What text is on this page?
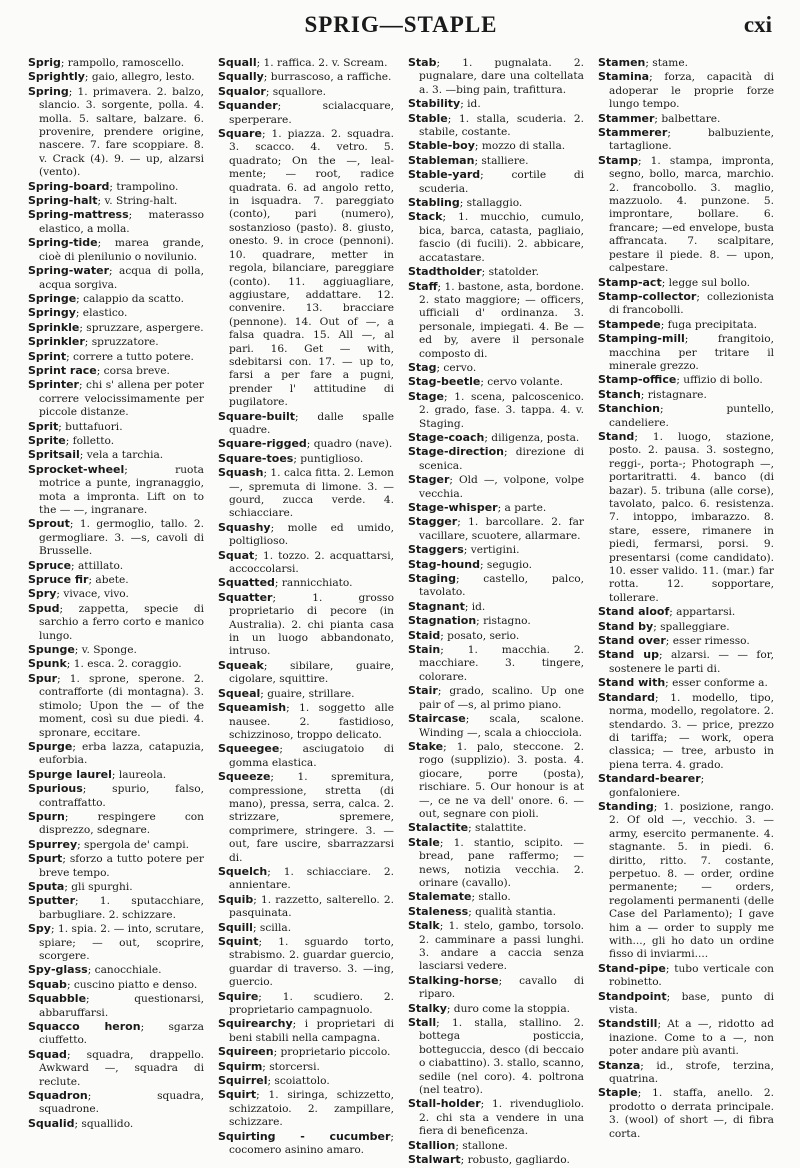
SPRIG—STAPLE	cxi

Sprig; rampollo, ramoscello.

Sprightly; gaio, allegro, lesto.

Spring; 1. primavera. 2. balzo, slancio. 3. sorgente, polla. 4. molla. 5. saltare, balzare. 6. provenire, prendere origine, nascere. 7. fare scoppiare. 8. v. Crack (4). 9. — up, alzarsi (vento).

Spring-board; trampolino.

Spring-halt; v. String-halt.

Spring-mattress; materasso elastico, a molla.

Spring-tide; marea grande, cioè di plenilunio o novilunio.

Spring-water; acqua di polla, acqua sorgiva.

Springe; calappio da scatto.

Springy; elastico.

Sprinkle; spruzzare, aspergere.

Sprinkler; spruzzatore.

Sprint; correre a tutto potere.

Sprint race; corsa breve.

Sprinter; chi s' allena per poter correre velocissimamente per piccole distanze.

Sprit; buttafuori.

Sprite; folletto.

Spritsail; vela a tarchia.

Sprocket-wheel; ruota motrice a punte, ingranaggio, mota a impronta. Lift on to the — —, ingranare.

Sprout; 1. germoglio, tallo. 2. germogliare. 3. —s, cavoli di Brusselle.

Spruce; attillato.

Spruce fir; abete.

Spry; vivace, vivo.

Spud; zappetta, specie di sarchio a ferro corto e manico lungo.

Spunge; v. Sponge.

Spunk; 1. esca. 2. coraggio.

Spur; 1. sprone, sperone. 2. contrafforte (di montagna). 3. stimolo; Upon the — of the moment, così su due piedi. 4. spronare, eccitare.

Spurge; erba lazza, catapuzia, euforbia.

Spurge laurel; laureola.

Spurious; spurio, falso, contraffatto.

Spurn; respingere con disprezzo, sdegnare.

Spurrey; spergola de' campi.

Spurt; sforzo a tutto potere per breve tempo.

Sputa; gli spurghi.

Sputter; 1. sputacchiare, barbugliare. 2. schizzare.

Spy; 1. spia. 2. — into, scrutare, spiare; — out, scoprire, scorgere.

Spy-glass; canocchiale.

Squab; cuscino piatto e denso.

Squabble; questionarsi, abbaruffarsi.

Squacco heron; sgarza ciuffetto.

Squad; squadra, drappello. Awkward —, squadra di reclute.

Squadron; squadra, squadrone.

Squalid; squallido.

Squall; 1. raffica. 2. v. Scream.

Squally; burrascoso, a raffiche.

Squalor; squallore.

Squander; scialacquare, sperperare.

Square; 1. piazza. 2. squadra. 3. scacco. 4. vetro. 5. quadrato; On the —, leal-mente; — root, radice quadrata. 6. ad angolo retto, in isquadra. 7. pareggiato (conto), pari (numero), sostanzioso (pasto). 8. giusto, onesto. 9. in croce (pennoni). 10. quadrare, metter in regola, bilanciare, pareggiare (conto). 11. aggiuagliare, aggiustare, addattare. 12. convenire. 13. bracciare (pennone). 14. Out of —, a falsa quadra. 15. All —, al pari. 16. Get — with, sdebitarsi con. 17. — up to, farsi a per fare a pugni, prender l' attitudine di pugilatore.

Square-built; dalle spalle quadre.

Square-rigged; quadro (nave).

Square-toes; puntiglioso.

Squash; 1. calca fitta. 2. Lemon —, spremuta di limone. 3. — gourd, zucca verde. 4. schiacciare.

Squashy; molle ed umido, poltiglioso.

Squat; 1. tozzo. 2. acquattarsi, accoccolarsi.

Squatted; rannicchiato.

Squatter; 1. grosso proprietario di pecore (in Australia). 2. chi pianta casa in un luogo abbandonato, intruso.

Squeak; sibilare, guaire, cigolare, squittire.

Squeal; guaire, strillare.

Squeamish; 1. soggetto alle nausee. 2. fastidioso, schizzinoso, troppo delicato.

Squeegee; asciugatoio di gomma elastica.

Squeeze; 1. spremitura, compressione, stretta (di mano), pressa, serra, calca. 2. strizzare, spremere, comprimere, stringere. 3. — out, fare uscire, sbarrazzarsi di.

Squelch; 1. schiacciare. 2. annientare.

Squib; 1. razzetto, salterello. 2. pasquinata.

Squill; scilla.

Squint; 1. sguardo torto, strabismo. 2. guardar guercio, guardar di traverso. 3. —ing, guercio.

Squire; 1. scudiero. 2. proprietario campagnuolo.

Squirearchy; i proprietari di beni stabili nella campagna.

Squireen; proprietario piccolo.

Squirm; storcersi.

Squirrel; scoiattolo.

Squirt; 1. siringa, schizzetto, schizzatoio. 2. zampillare, schizzare.

Squirting - cucumber; cocomero asinino amaro.

Stab; 1. pugnalata. 2. pugnalare, dare una coltellata a. 3. —bing pain, trafittura.

Stability; id.

Stable; 1. stalla, scuderia. 2. stabile, costante.

Stable-boy; mozzo di stalla.

Stableman; stalliere.

Stable-yard; cortile di scuderia.

Stabling; stallaggio.

Stack; 1. mucchio, cumulo, bica, barca, catasta, pagliaio, fascio (di fucili). 2. abbicare, accatastare.

Stadtholder; statolder.

Staff; 1. bastone, asta, bordone. 2. stato maggiore; — officers, ufficiali d' ordinanza. 3. personale, impiegati. 4. Be —ed by, avere il personale composto di.

Stag; cervo.

Stag-beetle; cervo volante.

Stage; 1. scena, palcoscenico. 2. grado, fase. 3. tappa. 4. v. Staging.

Stage-coach; diligenza, posta.

Stage-direction; direzione di scenica.

Stager; Old —, volpone, volpe vecchia.

Stage-whisper; a parte.

Stagger; 1. barcollare. 2. far vacillare, scuotere, allarmare.

Staggers; vertigini.

Stag-hound; segugio.

Staging; castello, palco, tavolato.

Stagnant; id.

Stagnation; ristagno.

Staid; posato, serio.

Stain; 1. macchia. 2. macchiare. 3. tingere, colorare.

Stair; grado, scalino. Up one pair of —s, al primo piano.

Staircase; scala, scalone. Winding —, scala a chiocciola.

Stake; 1. palo, steccone. 2. rogo (supplizio). 3. posta. 4. giocare, porre (posta), rischiare. 5. Our honour is at —, ce ne va dell' onore. 6. — out, segnare con pioli.

Stalactite; stalattite.

Stale; 1. stantio, scipito. — bread, pane raffermo; — news, notizia vecchia. 2. orinare (cavallo).

Stalemate; stallo.

Staleness; qualità stantia.

Stalk; 1. stelo, gambo, torsolo. 2. camminare a passi lunghi. 3. andare a caccia senza lasciarsi vedere.

Stalking-horse; cavallo di riparo.

Stalky; duro come la stoppia.

Stall; 1. stalla, stallino. 2. bottega posticcia, botteguccia, desco (di beccaio o ciabattino). 3. stallo, scanno, sedile (nel coro). 4. poltrona (nel teatro).

Stall-holder; 1. rivendugliolo. 2. chi sta a vendere in una fiera di beneficenza.

Stallion; stallone.

Stalwart; robusto, gagliardo.

Stamen; stame.

Stamina; forza, capacità di adoperar le proprie forze lungo tempo.

Stammer; balbettare.

Stammerer; balbuziente, tartaglione.

Stamp; 1. stampa, impronta, segno, bollo, marca, marchio. 2. francobollo. 3. maglio, mazzuolo. 4. punzone. 5. improntare, bollare. 6. francare; —ed envelope, busta affrancata. 7. scalpitare, pestare il piede. 8. — upon, calpestare.

Stamp-act; legge sul bollo.

Stamp-collector; collezionista di francobolli.

Stampede; fuga precipitata.

Stamping-mill; frangitoio, macchina per tritare il minerale grezzo.

Stamp-office; uffizio di bollo.

Stanch; ristagnare.

Stanchion; puntello, candeliere.

Stand; 1. luogo, stazione, posto. 2. pausa. 3. sostegno, reggi-, porta-; Photograph —, portaritratti. 4. banco (di bazar). 5. tribuna (alle corse), tavolato, palco. 6. resistenza. 7. intoppo, imbarazzo. 8. stare, essere, rimanere in piedi, fermarsi, porsi. 9. presentarsi (come candidato). 10. esser valido. 11. (mar.) far rotta. 12. sopportare, tollerare.

Stand aloof; appartarsi.

Stand by; spalleggiare.

Stand over; esser rimesso.

Stand up; alzarsi. — — for, sostenere le parti di.

Stand with; esser conforme a.

Standard; 1. modello, tipo, norma, modello, regolatore. 2. stendardo. 3. — price, prezzo di tariffa; — work, opera classica; — tree, arbusto in piena terra. 4. grado.

Standard-bearer; gonfaloniere.

Standing; 1. posizione, rango. 2. Of old —, vecchio. 3. —army, esercito permanente. 4. stagnante. 5. in piedi. 6. diritto, ritto. 7. costante, perpetuo. 8. — order, ordine permanente; — orders, regolamenti permanenti (delle Case del Parlamento); I gave him a — order to supply me with..., gli ho dato un ordine fisso di inviarmi....

Stand-pipe; tubo verticale con robinetto.

Standpoint; base, punto di vista.

Standstill; At a —, ridotto ad inazione. Come to a —, non poter andare più avanti.

Stanza; id., strofe, terzina, quatrina.

Staple; 1. staffa, anello. 2. prodotto o derrata principale. 3. (wool) of short —, di fibra corta.
